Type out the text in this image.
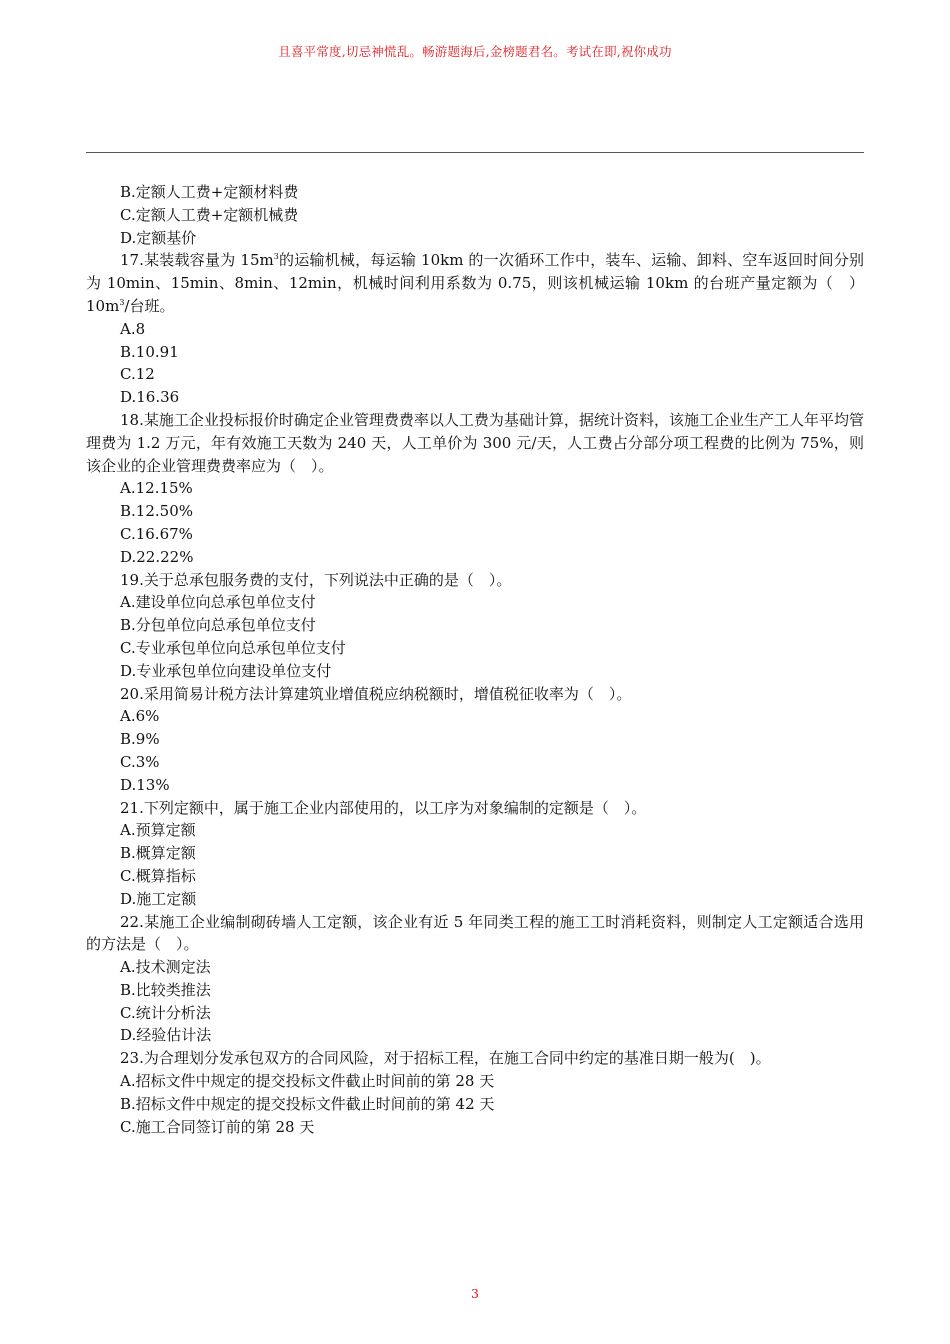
且喜平常度,切忌神慌乱。畅游题海后,金榜题君名。考试在即,祝你成功
B.定额人工费+定额材料费
C.定额人工费+定额机械费
D.定额基价
17.某装载容量为 $15m^3$的运输机械，每运输 10km 的一次循环工作中，装车、运输、卸料、空车返回时间分别为 10min、15min、8min、12min，机械时间利用系数为 0.75，则该机械运输 10km 的台班产量定额为（　）$10m^3/$台班。
A.8
B.10.91
C.12
D.16.36
18.某施工企业投标报价时确定企业管理费费率以人工费为基础计算，据统计资料，该施工企业生产工人年平均管理费为 1.2 万元，年有效施工天数为 240 天，人工单价为 300 元/天，人工费占分部分项工程费的比例为 75%，则该企业的企业管理费费率应为（　）。
A.12.15%
B.12.50%
C.16.67%
D.22.22%
19.关于总承包服务费的支付，下列说法中正确的是（　）。
A.建设单位向总承包单位支付
B.分包单位向总承包单位支付
C.专业承包单位向总承包单位支付
D.专业承包单位向建设单位支付
20.采用简易计税方法计算建筑业增值税应纳税额时，增值税征收率为（　）。
A.6%
B.9%
C.3%
D.13%
21.下列定额中，属于施工企业内部使用的，以工序为对象编制的定额是（　）。
A.预算定额
B.概算定额
C.概算指标
D.施工定额
22.某施工企业编制砌砖墙人工定额，该企业有近 5 年同类工程的施工工时消耗资料，则制定人工定额适合选用的方法是（　）。
A.技术测定法
B.比较类推法
C.统计分析法
D.经验估计法
23.为合理划分发承包双方的合同风险，对于招标工程，在施工合同中约定的基准日期一般为(　)。
A.招标文件中规定的提交投标文件截止时间前的第 28 天
B.招标文件中规定的提交投标文件截止时间前的第 42 天
C.施工合同签订前的第 28 天
3
